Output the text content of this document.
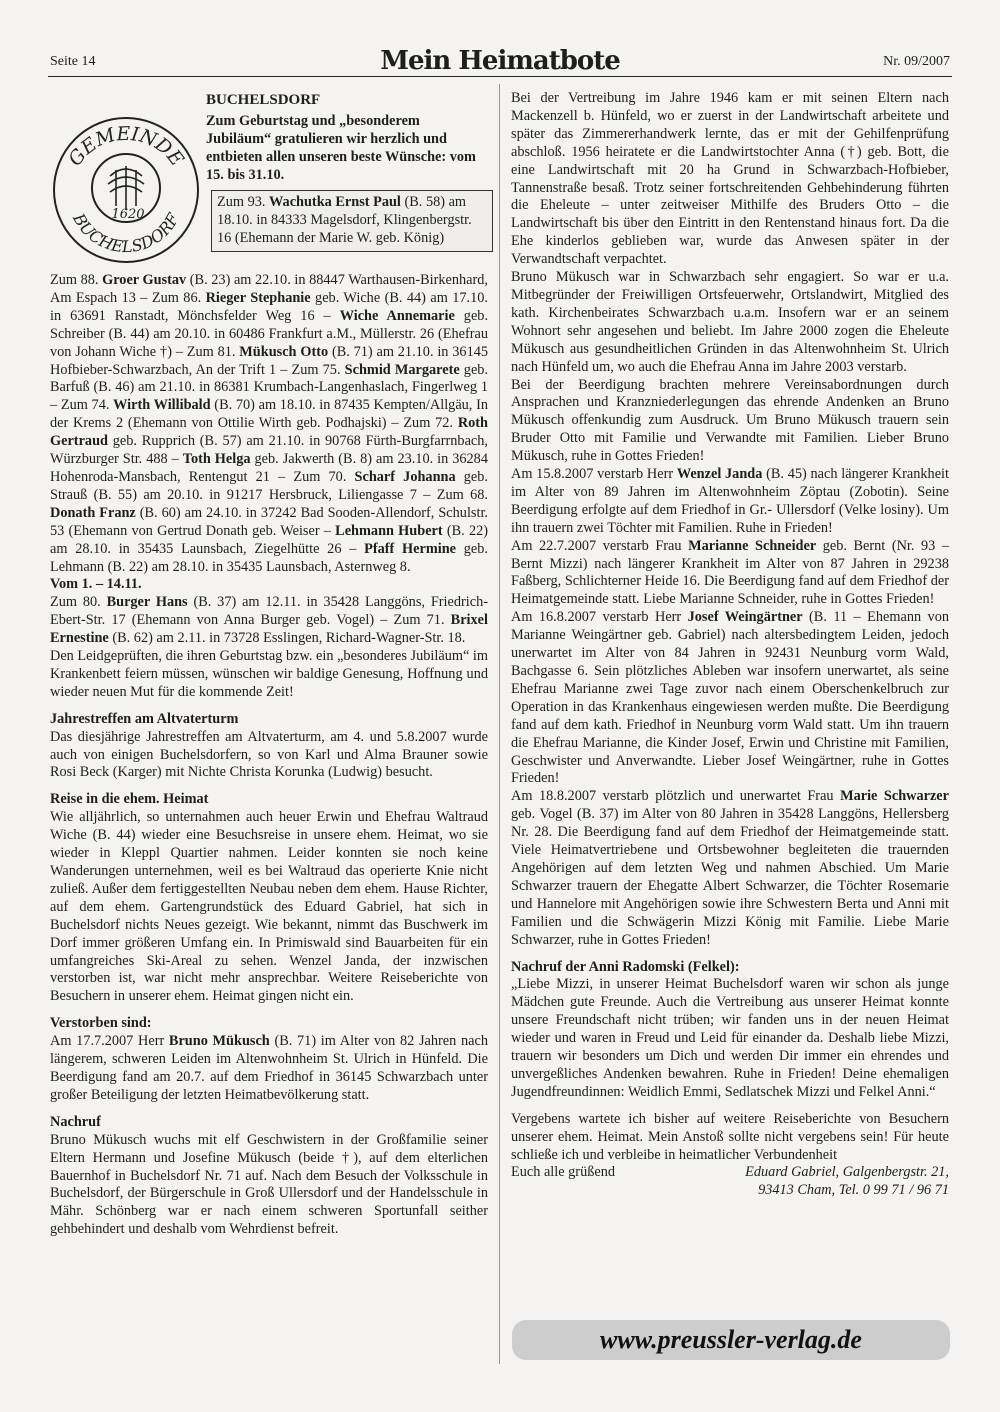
Seite 14	Mein Heimatbote	Nr. 09/2007
GEMEINDE
BUCHELSDORF
1620
BUCHELSDORF
Zum Geburtstag und „besonderem Jubiläum“ gratulieren wir herzlich und entbieten allen unseren beste Wünsche: vom 15. bis 31.10.
Zum 93. Wachutka Ernst Paul (B. 58) am 18.10. in 84333 Magelsdorf, Klingenbergstr. 16 (Ehemann der Marie W. geb. König)

Zum 88. Groer Gustav (B. 23) am 22.10. in 88447 Warthausen-Birkenhard, Am Espach 13 – Zum 86. Rieger Stephanie geb. Wiche (B. 44) am 17.10. in 63691 Ranstadt, Mönchsfelder Weg 16 – Wiche Annemarie geb. Schreiber (B. 44) am 20.10. in 60486 Frankfurt a.M., Müllerstr. 26 (Ehefrau von Johann Wiche †) – Zum 81. Mükusch Otto (B. 71) am 21.10. in 36145 Hofbieber-Schwarzbach, An der Trift 1 – Zum 75. Schmid Margarete geb. Barfuß (B. 46) am 21.10. in 86381 Krumbach-Langenhaslach, Fingerlweg 1 – Zum 74. Wirth Willibald (B. 70) am 18.10. in 87435 Kempten/Allgäu, In der Krems 2 (Ehemann von Ottilie Wirth geb. Podhajski) – Zum 72. Roth Gertraud geb. Rupprich (B. 57) am 21.10. in 90768 Fürth-Burgfarrnbach, Würzburger Str. 488 – Toth Helga geb. Jakwerth (B. 8) am 23.10. in 36284 Hohenroda-Mansbach, Rentengut 21 – Zum 70. Scharf Johanna geb. Strauß (B. 55) am 20.10. in 91217 Hersbruck, Liliengasse 7 – Zum 68. Donath Franz (B. 60) am 24.10. in 37242 Bad Sooden-Allendorf, Schulstr. 53 (Ehemann von Gertrud Donath geb. Weiser – Lehmann Hubert (B. 22) am 28.10. in 35435 Launsbach, Ziegelhütte 26 – Pfaff Hermine geb. Lehmann (B. 22) am 28.10. in 35435 Launsbach, Asternweg 8.

Vom 1. – 14.11.

Zum 80. Burger Hans (B. 37) am 12.11. in 35428 Langgöns, Friedrich-Ebert-Str. 17 (Ehemann von Anna Burger geb. Vogel) – Zum 71. Brixel Ernestine (B. 62) am 2.11. in 73728 Esslingen, Richard-Wagner-Str. 18.

Den Leidgeprüften, die ihren Geburtstag bzw. ein „besonderes Jubiläum“ im Krankenbett feiern müssen, wünschen wir baldige Genesung, Hoffnung und wieder neuen Mut für die kommende Zeit!

Jahrestreffen am Altvaterturm

Das diesjährige Jahrestreffen am Altvaterturm, am 4. und 5.8.2007 wurde auch von einigen Buchelsdorfern, so von Karl und Alma Brauner sowie Rosi Beck (Karger) mit Nichte Christa Korunka (Ludwig) besucht.

Reise in die ehem. Heimat

Wie alljährlich, so unternahmen auch heuer Erwin und Ehefrau Waltraud Wiche (B. 44) wieder eine Besuchsreise in unsere ehem. Heimat, wo sie wieder in Kleppl Quartier nahmen. Leider konnten sie noch keine Wanderungen unternehmen, weil es bei Waltraud das operierte Knie nicht zuließ. Außer dem fertiggestellten Neubau neben dem ehem. Hause Richter, auf dem ehem. Gartengrundstück des Eduard Gabriel, hat sich in Buchelsdorf nichts Neues gezeigt. Wie bekannt, nimmt das Buschwerk im Dorf immer größeren Umfang ein. In Primiswald sind Bauarbeiten für ein umfangreiches Ski-Areal zu sehen. Wenzel Janda, der inzwischen verstorben ist, war nicht mehr ansprechbar. Weitere Reiseberichte von Besuchern in unserer ehem. Heimat gingen nicht ein.

Verstorben sind:

Am 17.7.2007 Herr Bruno Mükusch (B. 71) im Alter von 82 Jahren nach längerem, schweren Leiden im Altenwohnheim St. Ulrich in Hünfeld. Die Beerdigung fand am 20.7. auf dem Friedhof in 36145 Schwarzbach unter großer Beteiligung der letzten Heimatbevölkerung statt.

Nachruf

Bruno Mükusch wuchs mit elf Geschwistern in der Großfamilie seiner Eltern Hermann und Josefine Mükusch (beide †), auf dem elterlichen Bauernhof in Buchelsdorf Nr. 71 auf. Nach dem Besuch der Volksschule in Buchelsdorf, der Bürgerschule in Groß Ullersdorf und der Handelsschule in Mähr. Schönberg war er nach einem schweren Sportunfall seither gehbehindert und deshalb vom Wehrdienst befreit.

Bei der Vertreibung im Jahre 1946 kam er mit seinen Eltern nach Mackenzell b. Hünfeld, wo er zuerst in der Landwirtschaft arbeitete und später das Zimmererhandwerk lernte, das er mit der Gehilfenprüfung abschloß. 1956 heiratete er die Landwirtstochter Anna (†) geb. Bott, die eine Landwirtschaft mit 20 ha Grund in Schwarzbach-Hofbieber, Tannenstraße besaß. Trotz seiner fortschreitenden Gehbehinderung führten die Eheleute – unter zeitweiser Mithilfe des Bruders Otto – die Landwirtschaft bis über den Eintritt in den Rentenstand hinaus fort. Da die Ehe kinderlos geblieben war, wurde das Anwesen später in der Verwandtschaft verpachtet.

Bruno Mükusch war in Schwarzbach sehr engagiert. So war er u.a. Mitbegründer der Freiwilligen Ortsfeuerwehr, Ortslandwirt, Mitglied des kath. Kirchenbeirates Schwarzbach u.a.m. Insofern war er an seinem Wohnort sehr angesehen und beliebt. Im Jahre 2000 zogen die Eheleute Mükusch aus gesundheitlichen Gründen in das Altenwohnheim St. Ulrich nach Hünfeld um, wo auch die Ehefrau Anna im Jahre 2003 verstarb.

Bei der Beerdigung brachten mehrere Vereinsabordnungen durch Ansprachen und Kranzniederlegungen das ehrende Andenken an Bruno Mükusch offenkundig zum Ausdruck. Um Bruno Mükusch trauern sein Bruder Otto mit Familie und Verwandte mit Familien. Lieber Bruno Mükusch, ruhe in Gottes Frieden!

Am 15.8.2007 verstarb Herr Wenzel Janda (B. 45) nach längerer Krankheit im Alter von 89 Jahren im Altenwohnheim Zöptau (Zobotin). Seine Beerdigung erfolgte auf dem Friedhof in Gr.- Ullersdorf (Velke losiny). Um ihn trauern zwei Töchter mit Familien. Ruhe in Frieden!

Am 22.7.2007 verstarb Frau Marianne Schneider geb. Bernt (Nr. 93 – Bernt Mizzi) nach längerer Krankheit im Alter von 87 Jahren in 29238 Faßberg, Schlichterner Heide 16. Die Beerdigung fand auf dem Friedhof der Heimatgemeinde statt. Liebe Marianne Schneider, ruhe in Gottes Frieden!

Am 16.8.2007 verstarb Herr Josef Weingärtner (B. 11 – Ehemann von Marianne Weingärtner geb. Gabriel) nach altersbedingtem Leiden, jedoch unerwartet im Alter von 84 Jahren in 92431 Neunburg vorm Wald, Bachgasse 6. Sein plötzliches Ableben war insofern unerwartet, als seine Ehefrau Marianne zwei Tage zuvor nach einem Oberschenkelbruch zur Operation in das Krankenhaus eingewiesen werden mußte. Die Beerdigung fand auf dem kath. Friedhof in Neunburg vorm Wald statt. Um ihn trauern die Ehefrau Marianne, die Kinder Josef, Erwin und Christine mit Familien, Geschwister und Anverwandte. Lieber Josef Weingärtner, ruhe in Gottes Frieden!

Am 18.8.2007 verstarb plötzlich und unerwartet Frau Marie Schwarzer geb. Vogel (B. 37) im Alter von 80 Jahren in 35428 Langgöns, Hellersberg Nr. 28. Die Beerdigung fand auf dem Friedhof der Heimatgemeinde statt. Viele Heimatvertriebene und Ortsbewohner begleiteten die trauernden Angehörigen auf dem letzten Weg und nahmen Abschied. Um Marie Schwarzer trauern der Ehegatte Albert Schwarzer, die Töchter Rosemarie und Hannelore mit Angehörigen sowie ihre Schwestern Berta und Anni mit Familien und die Schwägerin Mizzi König mit Familie. Liebe Marie Schwarzer, ruhe in Gottes Frieden!

Nachruf der Anni Radomski (Felkel):

„Liebe Mizzi, in unserer Heimat Buchelsdorf waren wir schon als junge Mädchen gute Freunde. Auch die Vertreibung aus unserer Heimat konnte unsere Freundschaft nicht trüben; wir fanden uns in der neuen Heimat wieder und waren in Freud und Leid für einander da. Deshalb liebe Mizzi, trauern wir besonders um Dich und werden Dir immer ein ehrendes und unvergeßliches Andenken bewahren. Ruhe in Frieden! Deine ehemaligen Jugendfreundinnen: Weidlich Emmi, Sedlatschek Mizzi und Felkel Anni.“

Vergebens wartete ich bisher auf weitere Reiseberichte von Besuchern unserer ehem. Heimat. Mein Anstoß sollte nicht vergebens sein! Für heute schließe ich und verbleibe in heimatlicher Verbundenheit

Euch alle grüßend	Eduard Gabriel, Galgenbergstr. 21,

93413 Cham, Tel. 0 99 71 / 96 71

www.preussler-verlag.de
